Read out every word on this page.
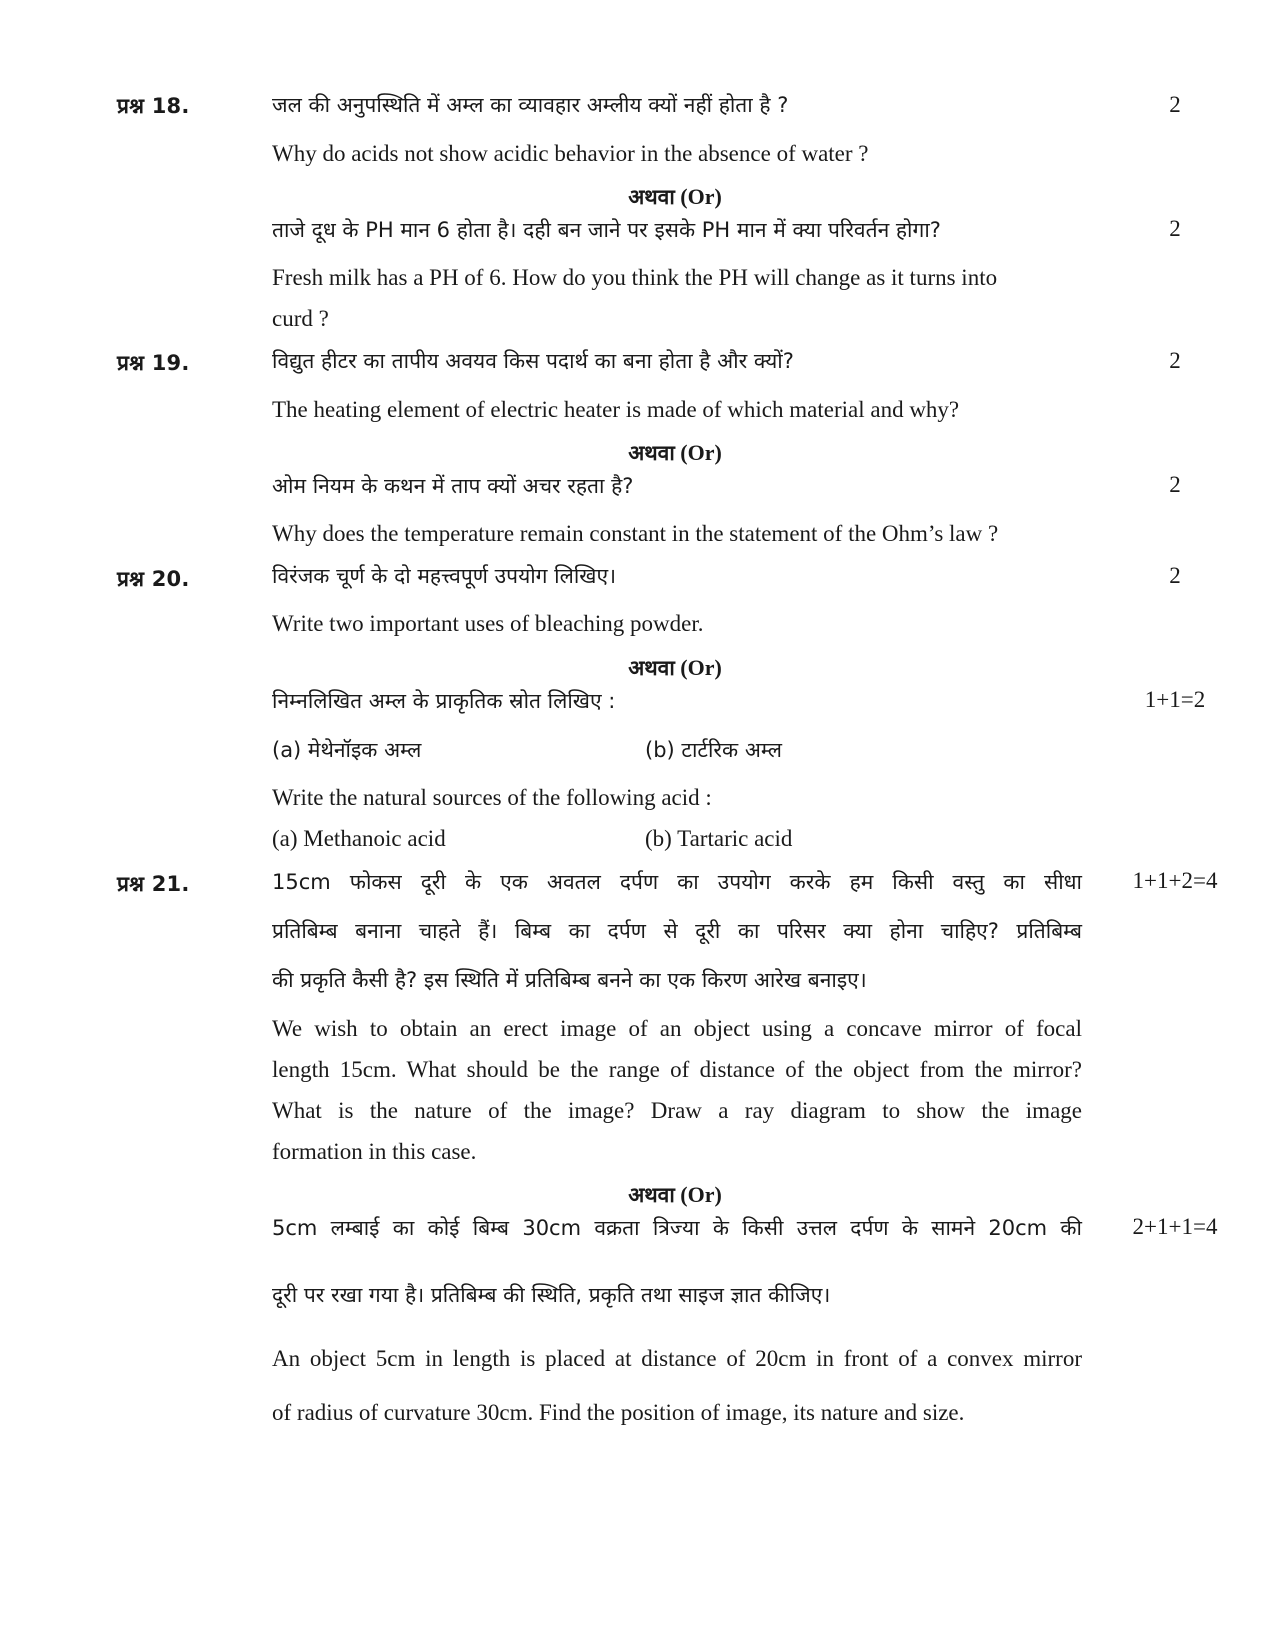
प्रश्न 18.	जल की अनुपस्थिति में अम्ल का व्यावहार अम्लीय क्यों नहीं होता है ?	2
Why do acids not show acidic behavior in the absence of water ?
अथवा (Or)
ताजे दूध के PH मान 6 होता है। दही बन जाने पर इसके PH मान में क्या परिवर्तन होगा?	2
Fresh milk has a PH of 6. How do you think the PH will change as it turns into
curd ?
प्रश्न 19.	विद्युत हीटर का तापीय अवयव किस पदार्थ का बना होता है और क्यों?	2
The heating element of electric heater is made of which material and why?
अथवा (Or)
ओम नियम के कथन में ताप क्यों अचर रहता है?	2
Why does the temperature remain constant in the statement of the Ohm’s law ?
प्रश्न 20.	विरंजक चूर्ण के दो महत्त्वपूर्ण उपयोग लिखिए।	2
Write two important uses of bleaching powder.
अथवा (Or)
निम्नलिखित अम्ल के प्राकृतिक स्रोत लिखिए :	1+1=2
(a) मेथेनॉइक अम्ल	(b) टार्टरिक अम्ल
Write the natural sources of the following acid :
(a) Methanoic acid	(b) Tartaric acid
प्रश्न 21.	1+1+2=4
15cm फोकस दूरी के एक अवतल दर्पण का उपयोग करके हम किसी वस्तु का सीधा
प्रतिबिम्ब बनाना चाहते हैं। बिम्ब का दर्पण से दूरी का परिसर क्या होना चाहिए? प्रतिबिम्ब
की प्रकृति कैसी है? इस स्थिति में प्रतिबिम्ब बनने का एक किरण आरेख बनाइए।
We wish to obtain an erect image of an object using a concave mirror of focal
length 15cm. What should be the range of distance of the object from the mirror?
What is the nature of the image? Draw a ray diagram to show the image
formation in this case.
अथवा (Or)
5cm लम्बाई का कोई बिम्ब 30cm वक्रता त्रिज्या के किसी उत्तल दर्पण के सामने 20cm की	2+1+1=4
दूरी पर रखा गया है। प्रतिबिम्ब की स्थिति, प्रकृति तथा साइज ज्ञात कीजिए।
An object 5cm in length is placed at distance of 20cm in front of a convex mirror
of radius of curvature 30cm. Find the position of image, its nature and size.
